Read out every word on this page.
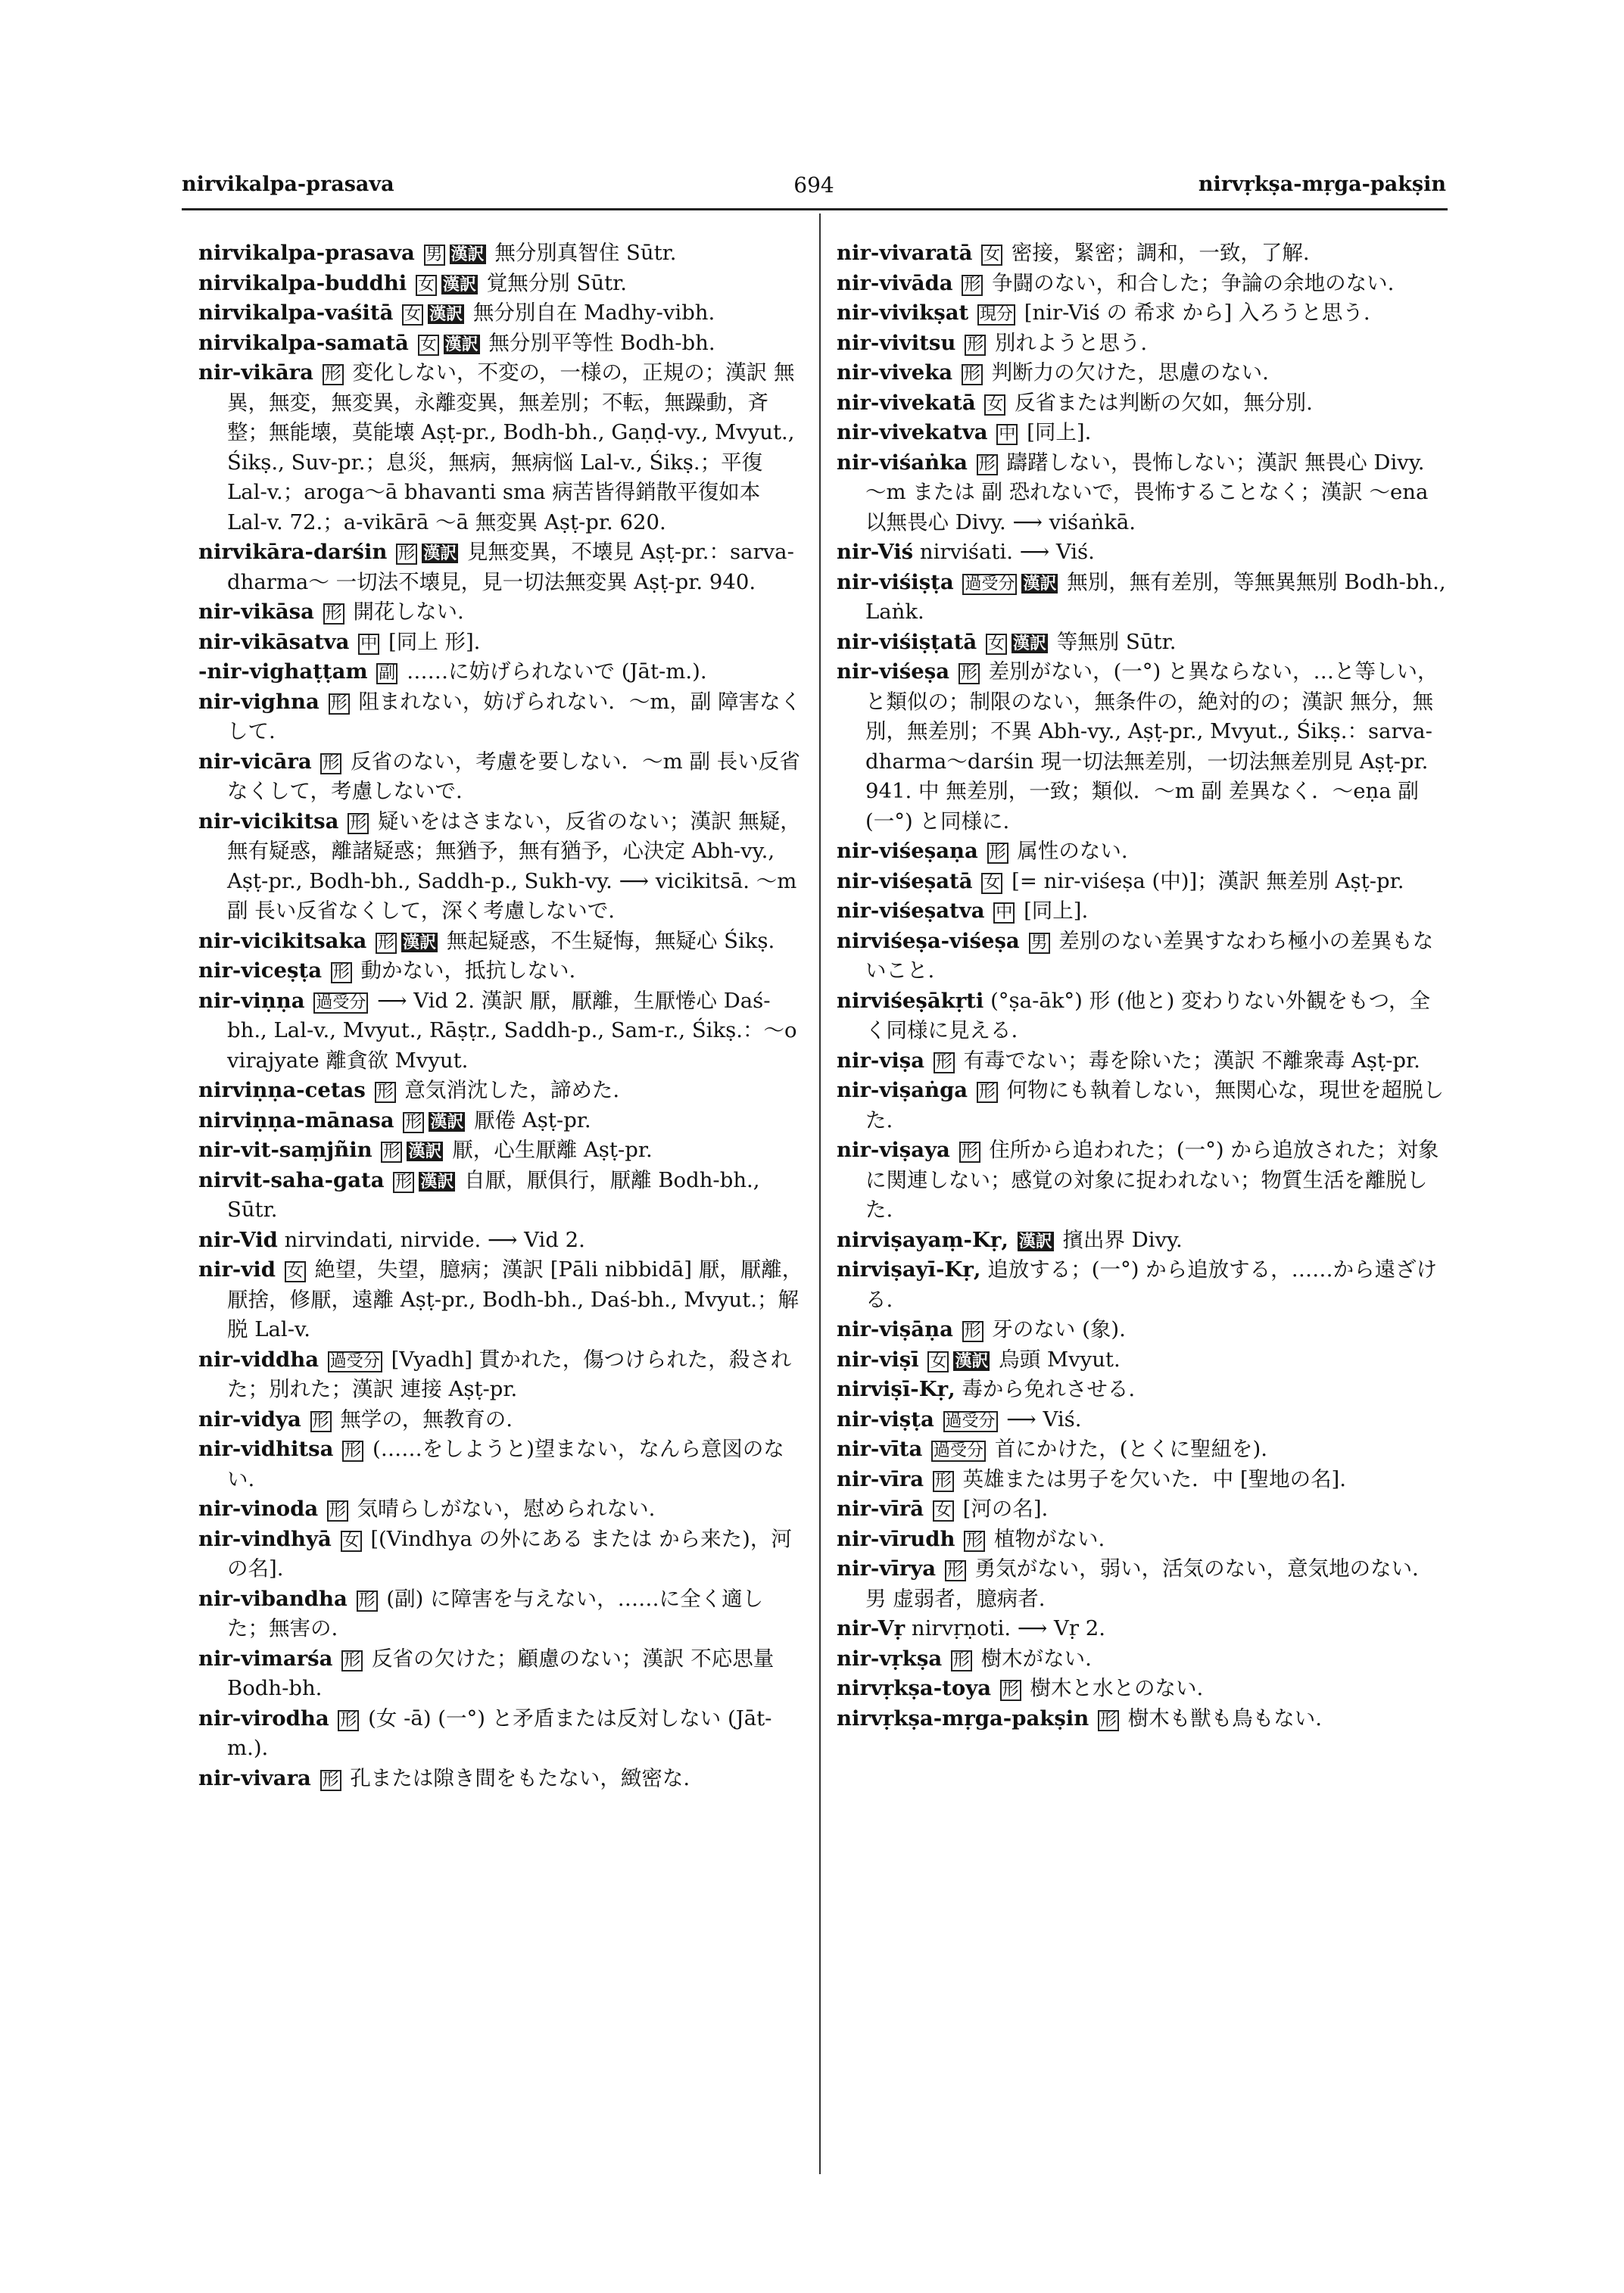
nirvikalpa-prasava	694	nirvṛkṣa-mṛga-pakṣin

nirvikalpa-prasava 男 漢訳 無分別真智住 Sūtr.

nirvikalpa-buddhi 女 漢訳 覚無分別 Sūtr.

nirvikalpa-vaśitā 女 漢訳 無分別自在 Madhy-vibh.

nirvikalpa-samatā 女 漢訳 無分別平等性 Bodh-bh.

nir-vikāra 形 変化しない，不変の，一様の，正規の；漢訳 無異，無変，無変異，永離変異，無差別；不転，無躁動，斉整；無能壊，莫能壊 Aṣṭ-pr., Bodh-bh., Gaṇḍ-vy., Mvyut., Śikṣ., Suv-pr.；息災，無病，無病悩 Lal-v., Śikṣ.；平復 Lal-v.；aroga〜ā bhavanti sma 病苦皆得銷散平復如本 Lal-v. 72.；a-vikārā 〜ā 無変異 Aṣṭ-pr. 620.

nirvikāra-darśin 形 漢訳 見無変異，不壊見 Aṣṭ-pr.：sarva-dharma〜 一切法不壊見，見一切法無変異 Aṣṭ-pr. 940.

nir-vikāsa 形 開花しない.

nir-vikāsatva 中 [同上 形].

-nir-vighaṭṭam 副 ……に妨げられないで (Jāt-m.).

nir-vighna 形 阻まれない，妨げられない．〜m，副 障害なくして.

nir-vicāra 形 反省のない，考慮を要しない．〜m 副 長い反省なくして，考慮しないで.

nir-vicikitsa 形 疑いをはさまない，反省のない；漢訳 無疑，無有疑惑，離諸疑惑；無猶予，無有猶予，心決定 Abh-vy., Aṣṭ-pr., Bodh-bh., Saddh-p., Sukh-vy. ⟶ vicikitsā. 〜m 副 長い反省なくして，深く考慮しないで.

nir-vicikitsaka 形 漢訳 無起疑惑，不生疑悔，無疑心 Śikṣ.

nir-viceṣṭa 形 動かない，抵抗しない.

nir-viṇṇa 過受分 ⟶ Vid 2. 漢訳 厭，厭離，生厭惓心 Daś-bh., Lal-v., Mvyut., Rāṣṭr., Saddh-p., Sam-r., Śikṣ.：〜o virajyate 離貪欲 Mvyut.

nirviṇṇa-cetas 形 意気消沈した，諦めた.

nirviṇṇa-mānasa 形 漢訳 厭倦 Aṣṭ-pr.

nir-vit-saṃjñin 形 漢訳 厭，心生厭離 Aṣṭ-pr.

nirvit-saha-gata 形 漢訳 自厭，厭俱行，厭離 Bodh-bh., Sūtr.

nir-Vid nirvindati, nirvide. ⟶ Vid 2.

nir-vid 女 絶望，失望，臆病；漢訳 [Pāli nibbidā] 厭，厭離，厭捨，修厭，遠離 Aṣṭ-pr., Bodh-bh., Daś-bh., Mvyut.；解脱 Lal-v.

nir-viddha 過受分 [Vyadh] 貫かれた，傷つけられた，殺された；別れた；漢訳 連接 Aṣṭ-pr.

nir-vidya 形 無学の，無教育の.

nir-vidhitsa 形 (……をしようと)望まない，なんら意図のない.

nir-vinoda 形 気晴らしがない，慰められない.

nir-vindhyā 女 [(Vindhya の外にある または から来た)，河の名].

nir-vibandha 形 (副) に障害を与えない，……に全く適した；無害の.

nir-vimarśa 形 反省の欠けた；顧慮のない；漢訳 不応思量 Bodh-bh.

nir-virodha 形 (女 -ā) (一°) と矛盾または反対しない (Jāt-m.).

nir-vivara 形 孔または隙き間をもたない，緻密な.

nir-vivaratā 女 密接，緊密；調和，一致，了解.

nir-vivāda 形 争闘のない，和合した；争論の余地のない.

nir-vivikṣat 現分 [nir-Viś の 希求 から] 入ろうと思う.

nir-vivitsu 形 別れようと思う.

nir-viveka 形 判断力の欠けた，思慮のない.

nir-vivekatā 女 反省または判断の欠如，無分別.

nir-vivekatva 中 [同上].

nir-viśaṅka 形 躊躇しない，畏怖しない；漢訳 無畏心 Divy. 〜m または 副 恐れないで，畏怖することなく；漢訳 〜ena 以無畏心 Divy. ⟶ viśaṅkā.

nir-Viś nirviśati. ⟶ Viś.

nir-viśiṣṭa 過受分 漢訳 無別，無有差別，等無異無別 Bodh-bh., Laṅk.

nir-viśiṣṭatā 女 漢訳 等無別 Sūtr.

nir-viśeṣa 形 差別がない，(一°) と異ならない，…と等しい，と類似の；制限のない，無条件の，絶対的の；漢訳 無分，無別，無差別；不異 Abh-vy., Aṣṭ-pr., Mvyut., Śikṣ.：sarva-dharma〜darśin 現一切法無差別，一切法無差別見 Aṣṭ-pr. 941. 中 無差別，一致；類似．〜m 副 差異なく．〜eṇa 副 (一°) と同様に.

nir-viśeṣaṇa 形 属性のない.

nir-viśeṣatā 女 [= nir-viśeṣa (中)]；漢訳 無差別 Aṣṭ-pr.

nir-viśeṣatva 中 [同上].

nirviśeṣa-viśeṣa 男 差別のない差異すなわち極小の差異もないこと.

nirviśeṣākṛti (°ṣa-āk°) 形 (他と) 変わりない外観をもつ，全く同様に見える.

nir-viṣa 形 有毒でない；毒を除いた；漢訳 不離衆毒 Aṣṭ-pr.

nir-viṣaṅga 形 何物にも執着しない，無関心な，現世を超脱した.

nir-viṣaya 形 住所から追われた；(一°) から追放された；対象に関連しない；感覚の対象に捉われない；物質生活を離脱した.

nirviṣayaṃ-Kṛ, 漢訳 擯出界 Divy.

nirviṣayī-Kṛ, 追放する；(一°) から追放する，……から遠ざける.

nir-viṣāṇa 形 牙のない (象).

nir-viṣī 女 漢訳 烏頭 Mvyut.

nirviṣī-Kṛ, 毒から免れさせる.

nir-viṣṭa 過受分 ⟶ Viś.

nir-vīta 過受分 首にかけた，(とくに聖紐を).

nir-vīra 形 英雄または男子を欠いた．中 [聖地の名].

nir-vīrā 女 [河の名].

nir-vīrudh 形 植物がない.

nir-vīrya 形 勇気がない，弱い，活気のない，意気地のない．男 虚弱者，臆病者.

nir-Vṛ nirvṛṇoti. ⟶ Vṛ 2.

nir-vṛkṣa 形 樹木がない.

nirvṛkṣa-toya 形 樹木と水とのない.

nirvṛkṣa-mṛga-pakṣin 形 樹木も獣も鳥もない.
